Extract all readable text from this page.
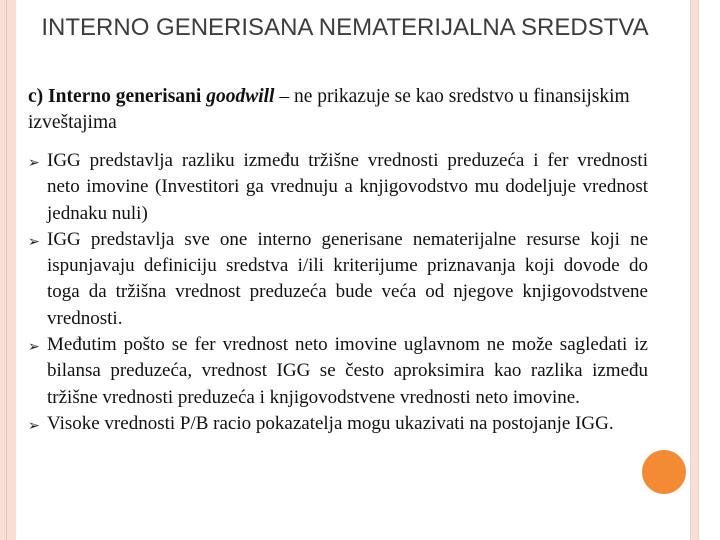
INTERNO GENERISANA NEMATERIJALNA SREDSTVA

c) Interno generisani goodwill – ne prikazuje se kao sredstvo u finansijskim izveštajima

➢ IGG predstavlja razliku između tržišne vrednosti preduzeća i fer vrednosti neto imovine (Investitori ga vrednuju a knjigovodstvo mu dodeljuje vrednost jednaku nuli)
➢ IGG predstavlja sve one interno generisane nematerijalne resurse koji ne ispunjavaju definiciju sredstva i/ili kriterijume priznavanja koji dovode do toga da tržišna vrednost preduzeća bude veća od njegove knjigovodstvene vrednosti.
➢ Međutim pošto se fer vrednost neto imovine uglavnom ne može sagledati iz bilansa preduzeća, vrednost IGG se često aproksimira kao razlika između tržišne vrednosti preduzeća i knjigovodstvene vrednosti neto imovine.
➢ Visoke vrednosti P/B racio pokazatelja mogu ukazivati na postojanje IGG.
